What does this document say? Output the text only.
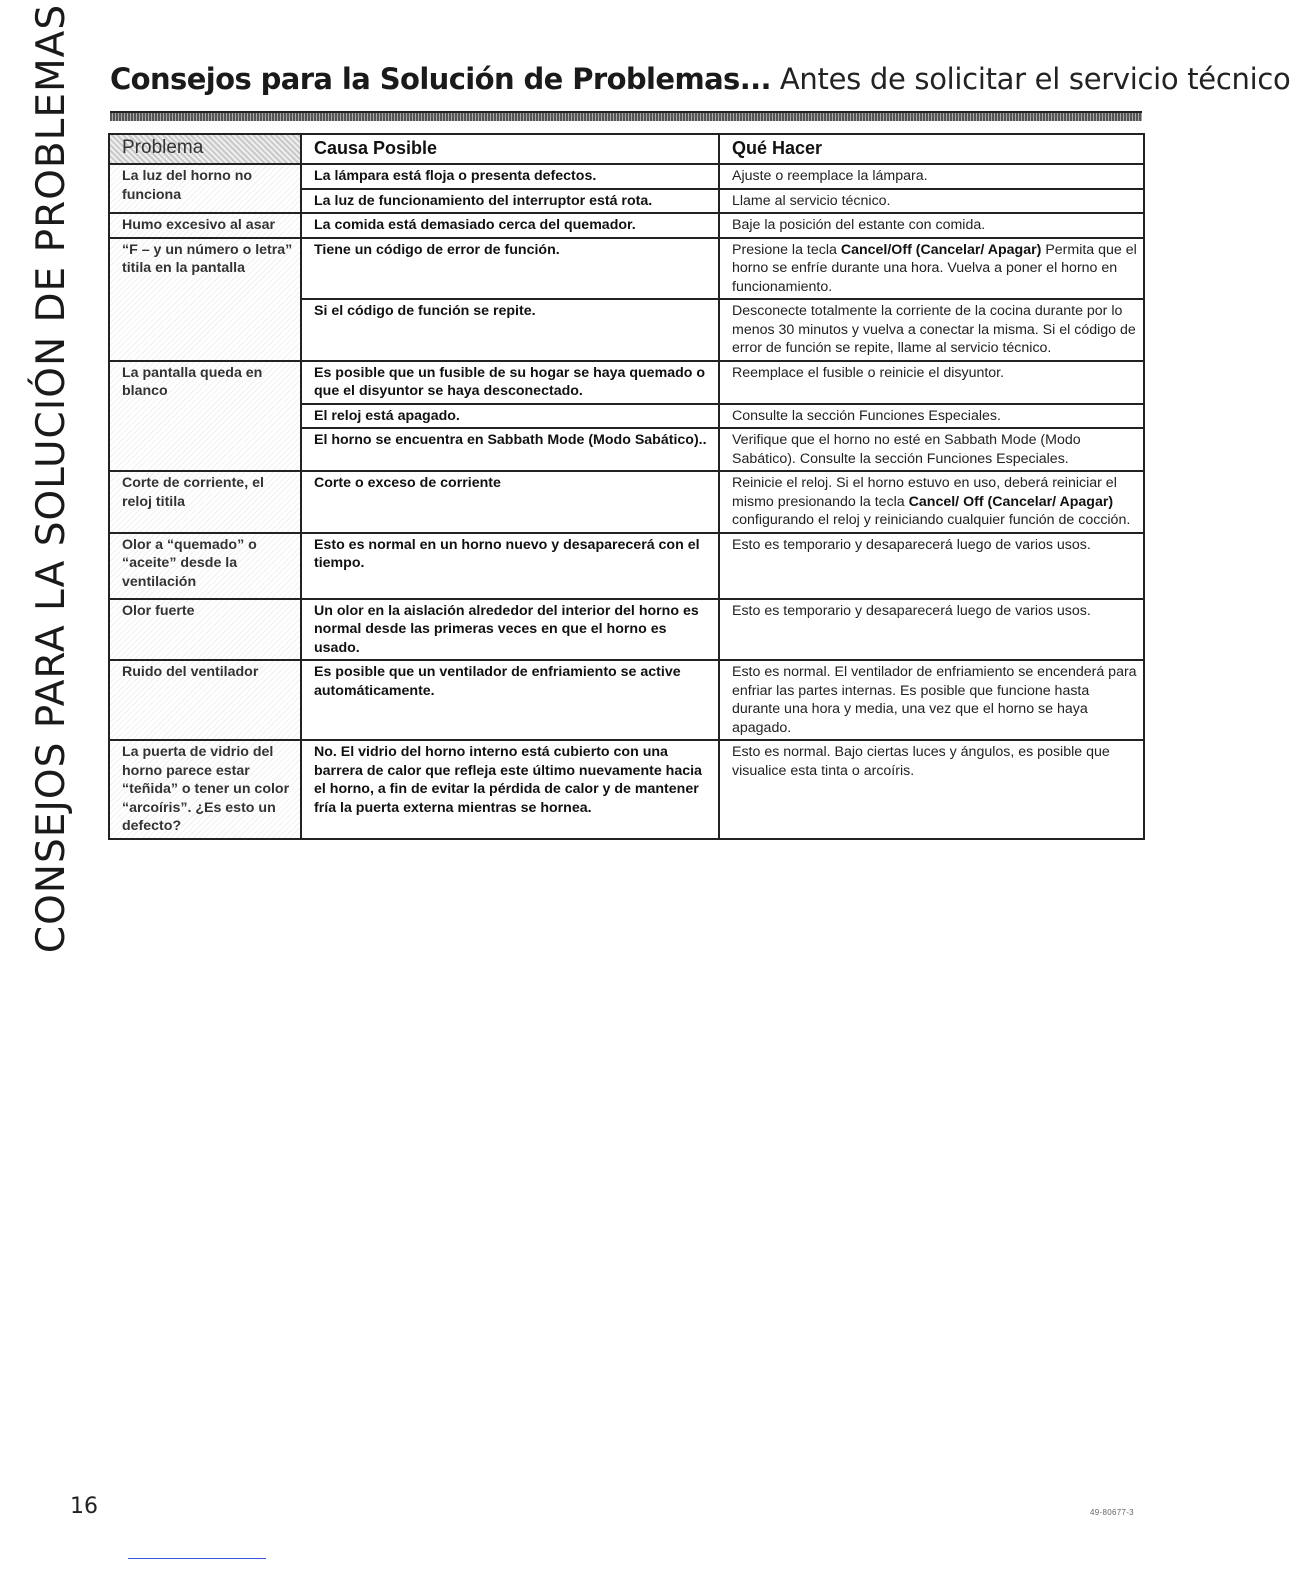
CONSEJOS PARA LA SOLUCIÓN DE PROBLEMAS Consejos para la Solución de Problemas... Antes de solicitar el servicio técnico
Problema	Causa Posible	Qué Hacer
La luz del horno no funciona	La lámpara está floja o presenta defectos.	Ajuste o reemplace la lámpara.
	La luz de funcionamiento del interruptor está rota.	Llame al servicio técnico.
Humo excesivo al asar	La comida está demasiado cerca del quemador.	Baje la posición del estante con comida.
“F – y un número o letra” titila en la pantalla	Tiene un código de error de función.	Presione la tecla Cancel/Off (Cancelar/ Apagar) Permita que el horno se enfríe durante una hora. Vuelva a poner el horno en funcionamiento.
	Si el código de función se repite.	Desconecte totalmente la corriente de la cocina durante por lo menos 30 minutos y vuelva a conectar la misma. Si el código de error de función se repite, llame al servicio técnico.
La pantalla queda en blanco	Es posible que un fusible de su hogar se haya quemado o que el disyuntor se haya desconectado.	Reemplace el fusible o reinicie el disyuntor.
	El reloj está apagado.	Consulte la sección Funciones Especiales.
	El horno se encuentra en Sabbath Mode (Modo Sabático)..	Verifique que el horno no esté en Sabbath Mode (Modo Sabático). Consulte la sección Funciones Especiales.
Corte de corriente, el reloj titila	Corte o exceso de corriente	Reinicie el reloj. Si el horno estuvo en uso, deberá reiniciar el mismo presionando la tecla Cancel/ Off (Cancelar/ Apagar) configurando el reloj y reiniciando cualquier función de cocción.
Olor a “quemado” o “aceite” desde la ventilación	Esto es normal en un horno nuevo y desaparecerá con el tiempo.	Esto es temporario y desaparecerá luego de varios usos.
Olor fuerte	Un olor en la aislación alrededor del interior del horno es normal desde las primeras veces en que el horno es usado.	Esto es temporario y desaparecerá luego de varios usos.
Ruido del ventilador	Es posible que un ventilador de enfriamiento se active automáticamente.	Esto es normal. El ventilador de enfriamiento se encenderá para enfriar las partes internas. Es posible que funcione hasta durante una hora y media, una vez que el horno se haya apagado.
La puerta de vidrio del horno parece estar “teñida” o tener un color “arcoíris”. ¿Es esto un defecto?	No. El vidrio del horno interno está cubierto con una barrera de calor que refleja este último nuevamente hacia el horno, a fin de evitar la pérdida de calor y de mantener fría la puerta externa mientras se hornea.	Esto es normal. Bajo ciertas luces y ángulos, es posible que visualice esta tinta o arcoíris.
16	49-80677-3
